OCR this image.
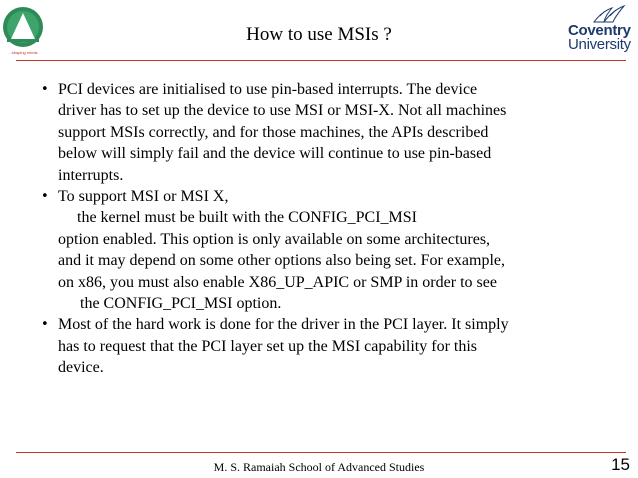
...shaping minds
Coventry
University
How to use MSIs ?
• PCI devices are initialised to use pin-based interrupts. The device
driver has to set up the device to use MSI or MSI-X. Not all machines
support MSIs correctly, and for those machines, the APIs described
below will simply fail and the device will continue to use pin-based
interrupts.
• To support MSI or MSI X,
the kernel must be built with the CONFIG_PCI_MSI
option enabled. This option is only available on some architectures,
and it may depend on some other options also being set. For example,
on x86, you must also enable X86_UP_APIC or SMP in order to see
the CONFIG_PCI_MSI option.
• Most of the hard work is done for the driver in the PCI layer. It simply
has to request that the PCI layer set up the MSI capability for this
device.
M. S. Ramaiah School of Advanced Studies	15
